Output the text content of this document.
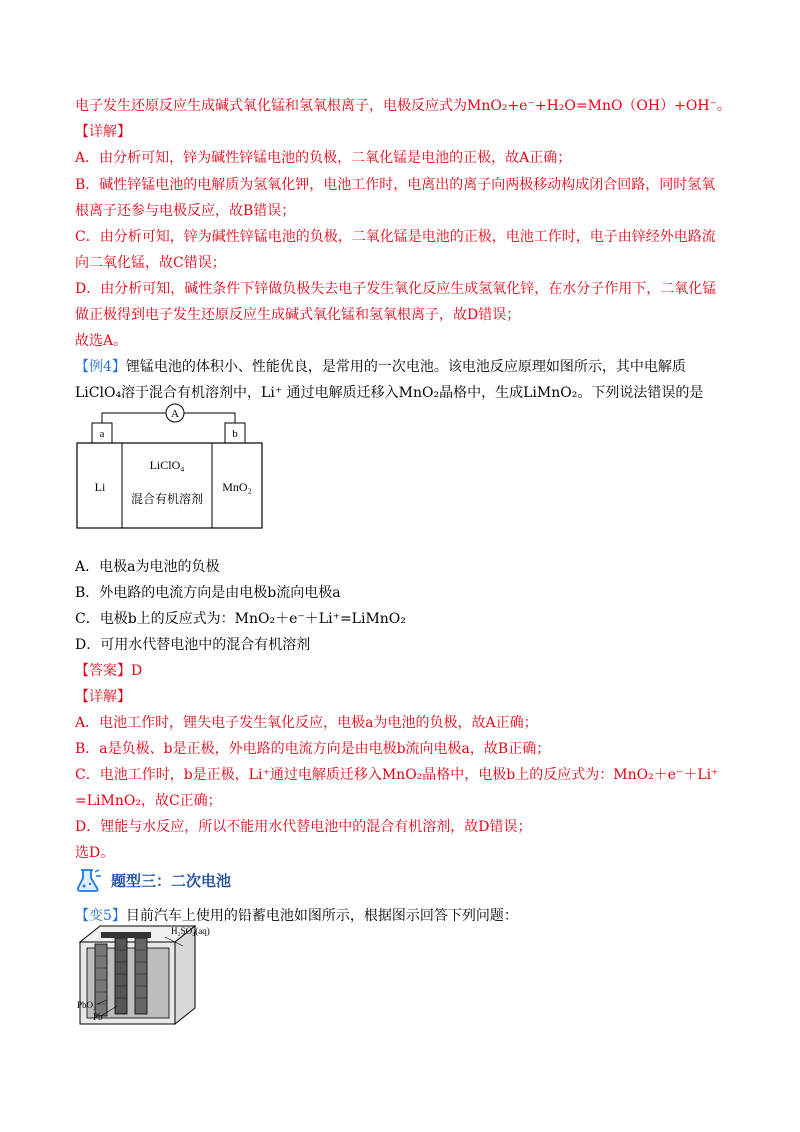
电子发生还原反应生成碱式氧化锰和氢氧根离子，电极反应式为MnO₂+e⁻+H₂O=MnO（OH）+OH⁻。
【详解】
A．由分析可知，锌为碱性锌锰电池的负极，二氧化锰是电池的正极，故A正确；
B．碱性锌锰电池的电解质为氢氧化钾，电池工作时，电离出的离子向两极移动构成闭合回路，同时氢氧
根离子还参与电极反应，故B错误；
C．由分析可知，锌为碱性锌锰电池的负极，二氧化锰是电池的正极，电池工作时，电子由锌经外电路流
向二氧化锰，故C错误；
D．由分析可知，碱性条件下锌做负极失去电子发生氧化反应生成氢氧化锌，在水分子作用下，二氧化锰
做正极得到电子发生还原反应生成碱式氧化锰和氢氧根离子，故D错误；
故选A。
【例4】锂锰电池的体积小、性能优良，是常用的一次电池。该电池反应原理如图所示，其中电解质
LiClO₄溶于混合有机溶剂中，Li⁺ 通过电解质迁移入MnO₂晶格中，生成LiMnO₂。下列说法错误的是
A
a	b
Li
LiClO₄
混合有机溶剂
MnO₂
A．电极a为电池的负极
B．外电路的电流方向是由电极b流向电极a
C．电极b上的反应式为：MnO₂＋e⁻＋Li⁺=LiMnO₂
D．可用水代替电池中的混合有机溶剂
【答案】D
【详解】
A．电池工作时，锂失电子发生氧化反应，电极a为电池的负极，故A正确；
B．a是负极、b是正极，外电路的电流方向是由电极b流向电极a，故B正确；
C．电池工作时，b是正极，Li⁺通过电解质迁移入MnO₂晶格中，电极b上的反应式为：MnO₂＋e⁻＋Li⁺
=LiMnO₂，故C正确；
D．锂能与水反应，所以不能用水代替电池中的混合有机溶剂，故D错误；
选D。
题型三：二次电池
【变5】目前汽车上使用的铅蓄电池如图所示，根据图示回答下列问题：
H₂SO₄(aq)
PbO₂
Pb
